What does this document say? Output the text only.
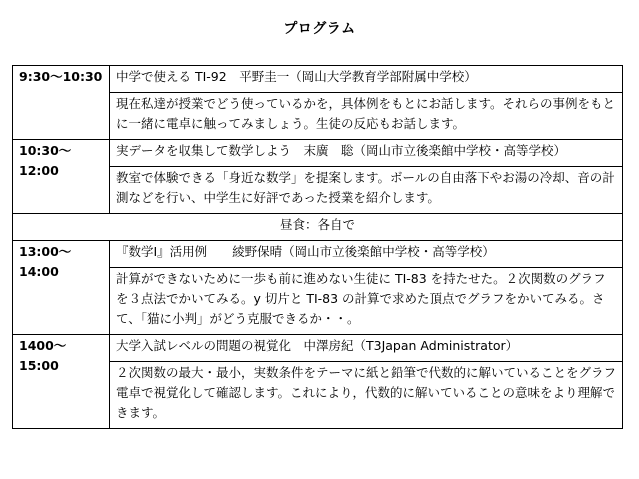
プログラム
9:30～10:30	中学で使える TI-92　平野圭一（岡山大学教育学部附属中学校）
	現在私達が授業でどう使っているかを，具体例をもとにお話します。それらの事例をもとに一緒に電卓に触ってみましょう。生徒の反応もお話します。
10:30～12:00	実データを収集して数学しよう　末廣　聡（岡山市立後楽館中学校・高等学校）
	教室で体験できる「身近な数学」を提案します。ボールの自由落下やお湯の冷却、音の計測などを行い、中学生に好評であった授業を紹介します。
昼食：各自で	
13:00～14:00	『数学Ⅰ』活用例　　綾野保晴（岡山市立後楽館中学校・高等学校）
	計算ができないために一歩も前に進めない生徒に TI-83 を持たせた。２次関数のグラフを３点法でかいてみる。y 切片と TI-83 の計算で求めた頂点でグラフをかいてみる。さて、「猫に小判」がどう克服できるか・・。
1400～15:00	大学入試レベルの問題の視覚化　中澤房紀（T3Japan Administrator）
	２次関数の最大・最小，実数条件をテーマに紙と鉛筆で代数的に解いていることをグラフ電卓で視覚化して確認します。これにより，代数的に解いていることの意味をより理解できます。
